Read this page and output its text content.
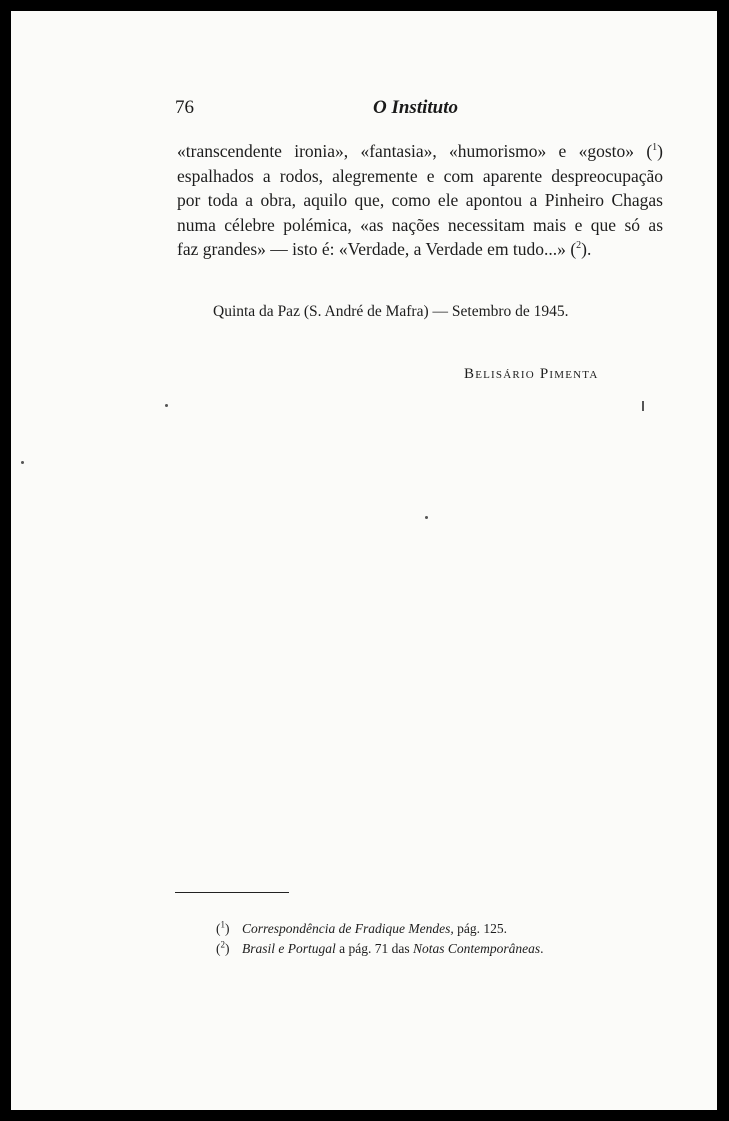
76	O Instituto
«transcendente ironia», «fantasia», «humorismo» e «gosto» ($^1$)
espalhados a rodos, alegremente e com aparente despreocupação
por toda a obra, aquilo que, como ele apontou a Pinheiro Chagas
numa célebre polémica, «as nações necessitam mais e que só as
faz grandes» — isto é: «Verdade, a Verdade em tudo...» ($^2$).
Quinta da Paz (S. André de Mafra) — Setembro de 1945.
Belisário Pimenta
($^1$) Correspondência de Fradique Mendes, pág. 125.
($^2$) Brasil e Portugal a pág. 71 das Notas Contemporâneas.
